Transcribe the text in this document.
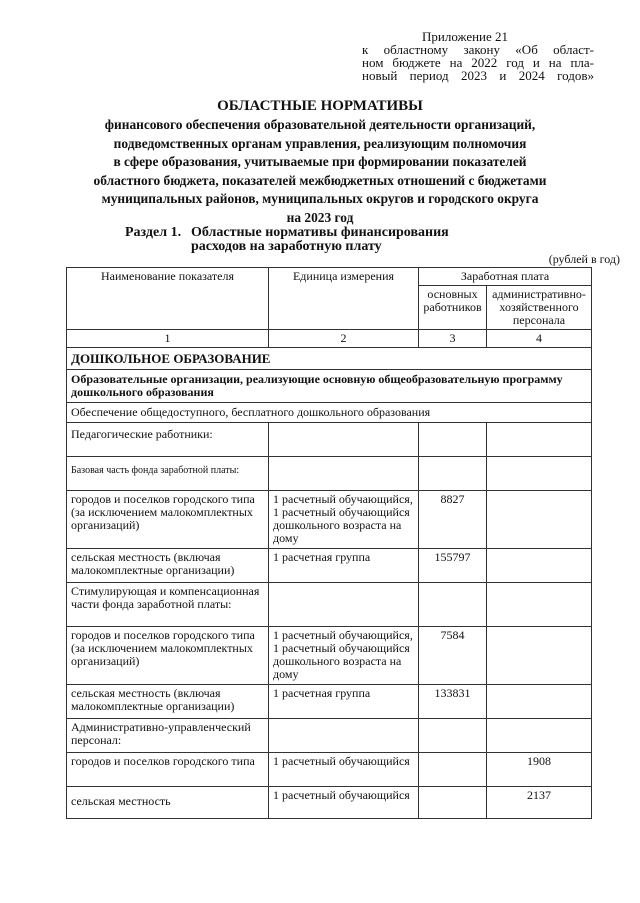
Приложение 21
к областному закону «Об област-
ном бюджете на 2022 год и на пла-
новый период 2023 и 2024 годов»
ОБЛАСТНЫЕ НОРМАТИВЫ
финансового обеспечения образовательной деятельности организаций,
подведомственных органам управления, реализующим полномочия
в сфере образования, учитываемые при формировании показателей
областного бюджета, показателей межбюджетных отношений с бюджетами
муниципальных районов, муниципальных округов и городского округа
на 2023 год
Раздел 1. Областные нормативы финансирования
расходов на заработную плату
(рублей в год)
Наименование показателя	Единица измерения	Заработная плата	
		основных работников	административно-хозяйственного персонала
1	2	3	4
ДОШКОЛЬНОЕ ОБРАЗОВАНИЕ			
Образовательные организации, реализующие основную общеобразовательную программу дошкольного образования			
Обеспечение общедоступного, бесплатного дошкольного образования			
Педагогические работники:			
Базовая часть фонда заработной платы:			
городов и поселков городского типа (за исключением малокомплектных организаций)	1 расчетный обучающийся, 1 расчетный обучающийся дошкольного возраста на дому	8827	
сельская местность (включая малокомплектные организации)	1 расчетная группа	155797	
Стимулирующая и компенсационная части фонда заработной платы:			
городов и поселков городского типа (за исключением малокомплектных организаций)	1 расчетный обучающийся, 1 расчетный обучающийся дошкольного возраста на дому	7584	
сельская местность (включая малокомплектные организации)	1 расчетная группа	133831	
Административно-управленческий персонал:			
городов и поселков городского типа	1 расчетный обучающийся		1908
сельская местность	1 расчетный обучающийся		2137
